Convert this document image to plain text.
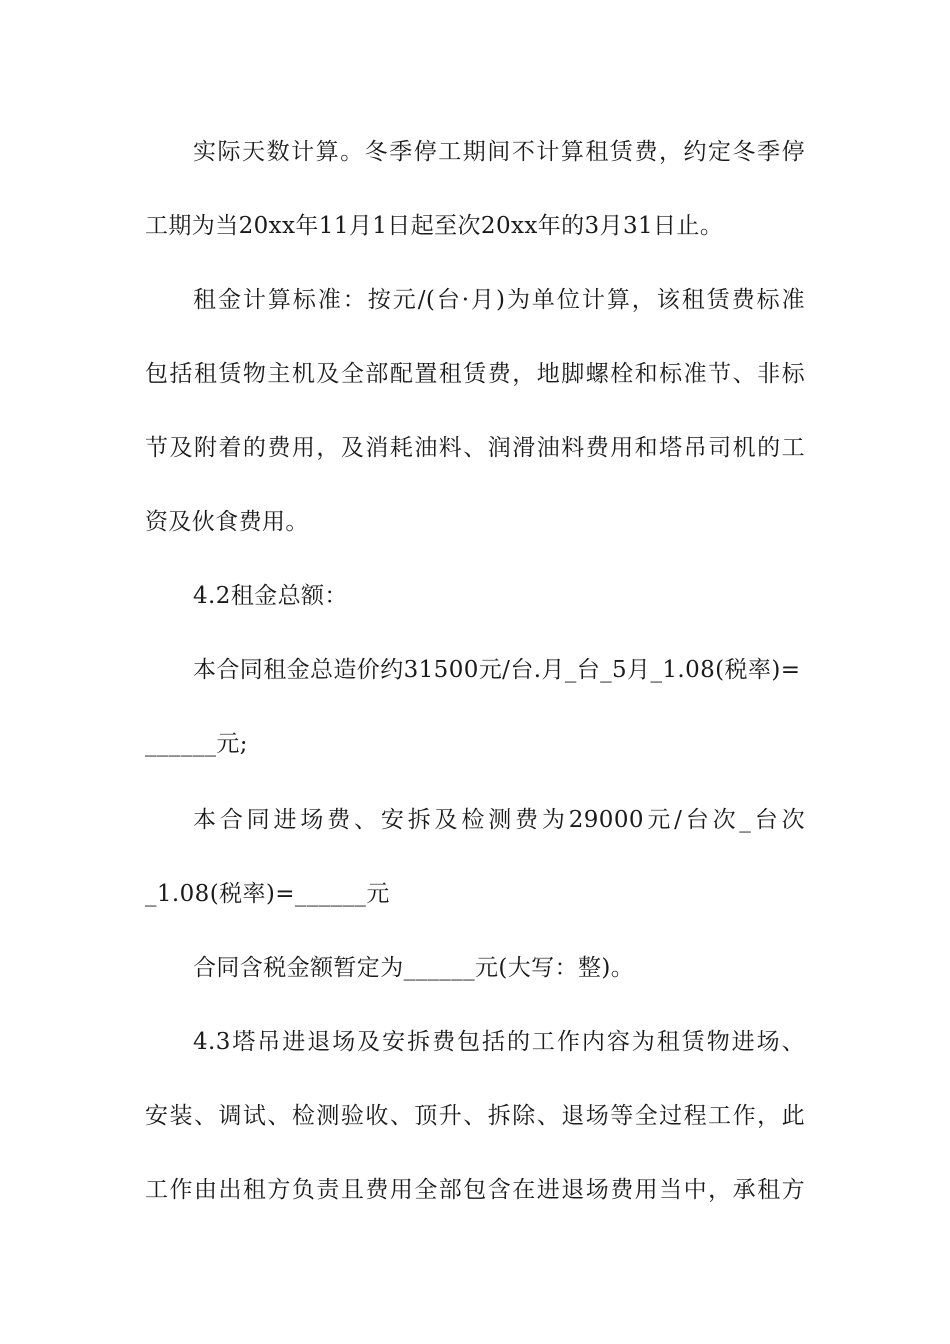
实际天数计算。冬季停工期间不计算租赁费，约定冬季停
工期为当20xx年11月1日起至次20xx年的3月31日止。
租金计算标准：按元/(台·月)为单位计算，该租赁费标准
包括租赁物主机及全部配置租赁费，地脚螺栓和标准节、非标
节及附着的费用，及消耗油料、润滑油料费用和塔吊司机的工
资及伙食费用。
4.2租金总额：
本合同租金总造价约31500元/台.月_台_5月_1.08(税率)=
______元;
本合同进场费、安拆及检测费为29000元/台次_台次
_1.08(税率)=______元
合同含税金额暂定为______元(大写：整)。
4.3塔吊进退场及安拆费包括的工作内容为租赁物进场、
安装、调试、检测验收、顶升、拆除、退场等全过程工作，此
工作由出租方负责且费用全部包含在进退场费用当中，承租方
